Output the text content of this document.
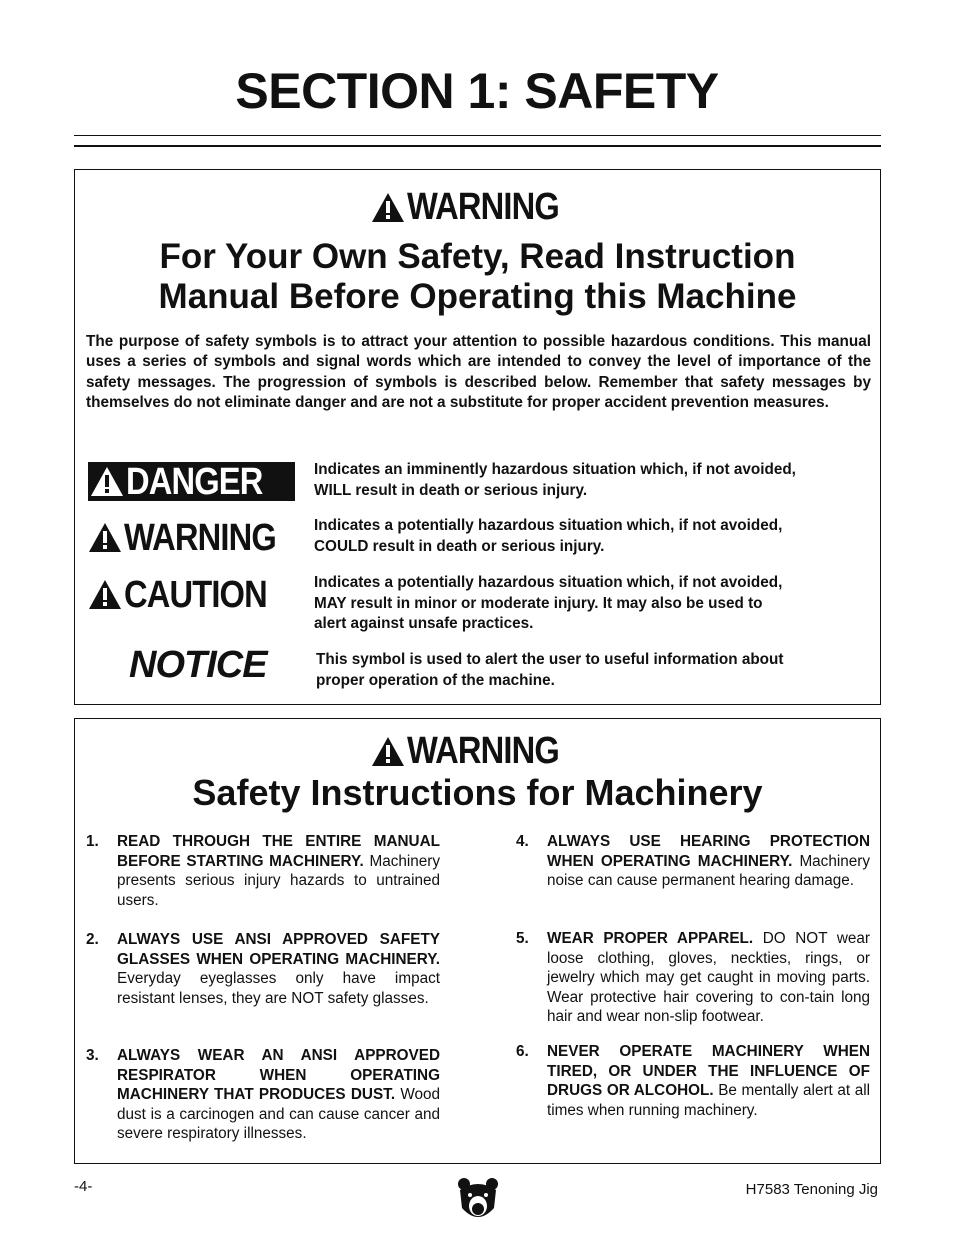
SECTION 1: SAFETY
WARNING
For Your Own Safety, Read Instruction
Manual Before Operating this Machine
The purpose of safety symbols is to attract your attention to possible hazardous conditions. This manual uses a series of symbols and signal words which are intended to convey the level of importance of the safety messages. The progression of symbols is described below. Remember that safety messages by themselves do not eliminate danger and are not a substitute for proper accident prevention measures.
DANGER	Indicates an imminently hazardous situation which, if not avoided,
WILL result in death or serious injury.
WARNING Indicates a potentially hazardous situation which, if not avoided,
COULD result in death or serious injury.
CAUTION	Indicates a potentially hazardous situation which, if not avoided,
MAY result in minor or moderate injury. It may also be used to
alert against unsafe practices.
NOTICE	This symbol is used to alert the user to useful information about
proper operation of the machine.
WARNING
Safety Instructions for Machinery
1. READ THROUGH THE ENTIRE MANUAL BEFORE STARTING MACHINERY. Machinery presents serious injury hazards to untrained users.
2. ALWAYS USE ANSI APPROVED SAFETY GLASSES WHEN OPERATING MACHINERY. Everyday eyeglasses only have impact resistant lenses, they are NOT safety glasses.
3. ALWAYS WEAR AN ANSI APPROVED RESPIRATOR WHEN OPERATING MACHINERY THAT PRODUCES DUST. Wood dust is a carcinogen and can cause cancer and severe respiratory illnesses.
4. ALWAYS USE HEARING PROTECTION WHEN OPERATING MACHINERY. Machinery noise can cause permanent hearing damage.
5. WEAR PROPER APPAREL. DO NOT wear loose clothing, gloves, neckties, rings, or jewelry which may get caught in moving parts. Wear protective hair covering to con-tain long hair and wear non-slip footwear.
6. NEVER OPERATE MACHINERY WHEN TIRED, OR UNDER THE INFLUENCE OF DRUGS OR ALCOHOL. Be mentally alert at all times when running machinery.
-4-	H7583 Tenoning Jig
